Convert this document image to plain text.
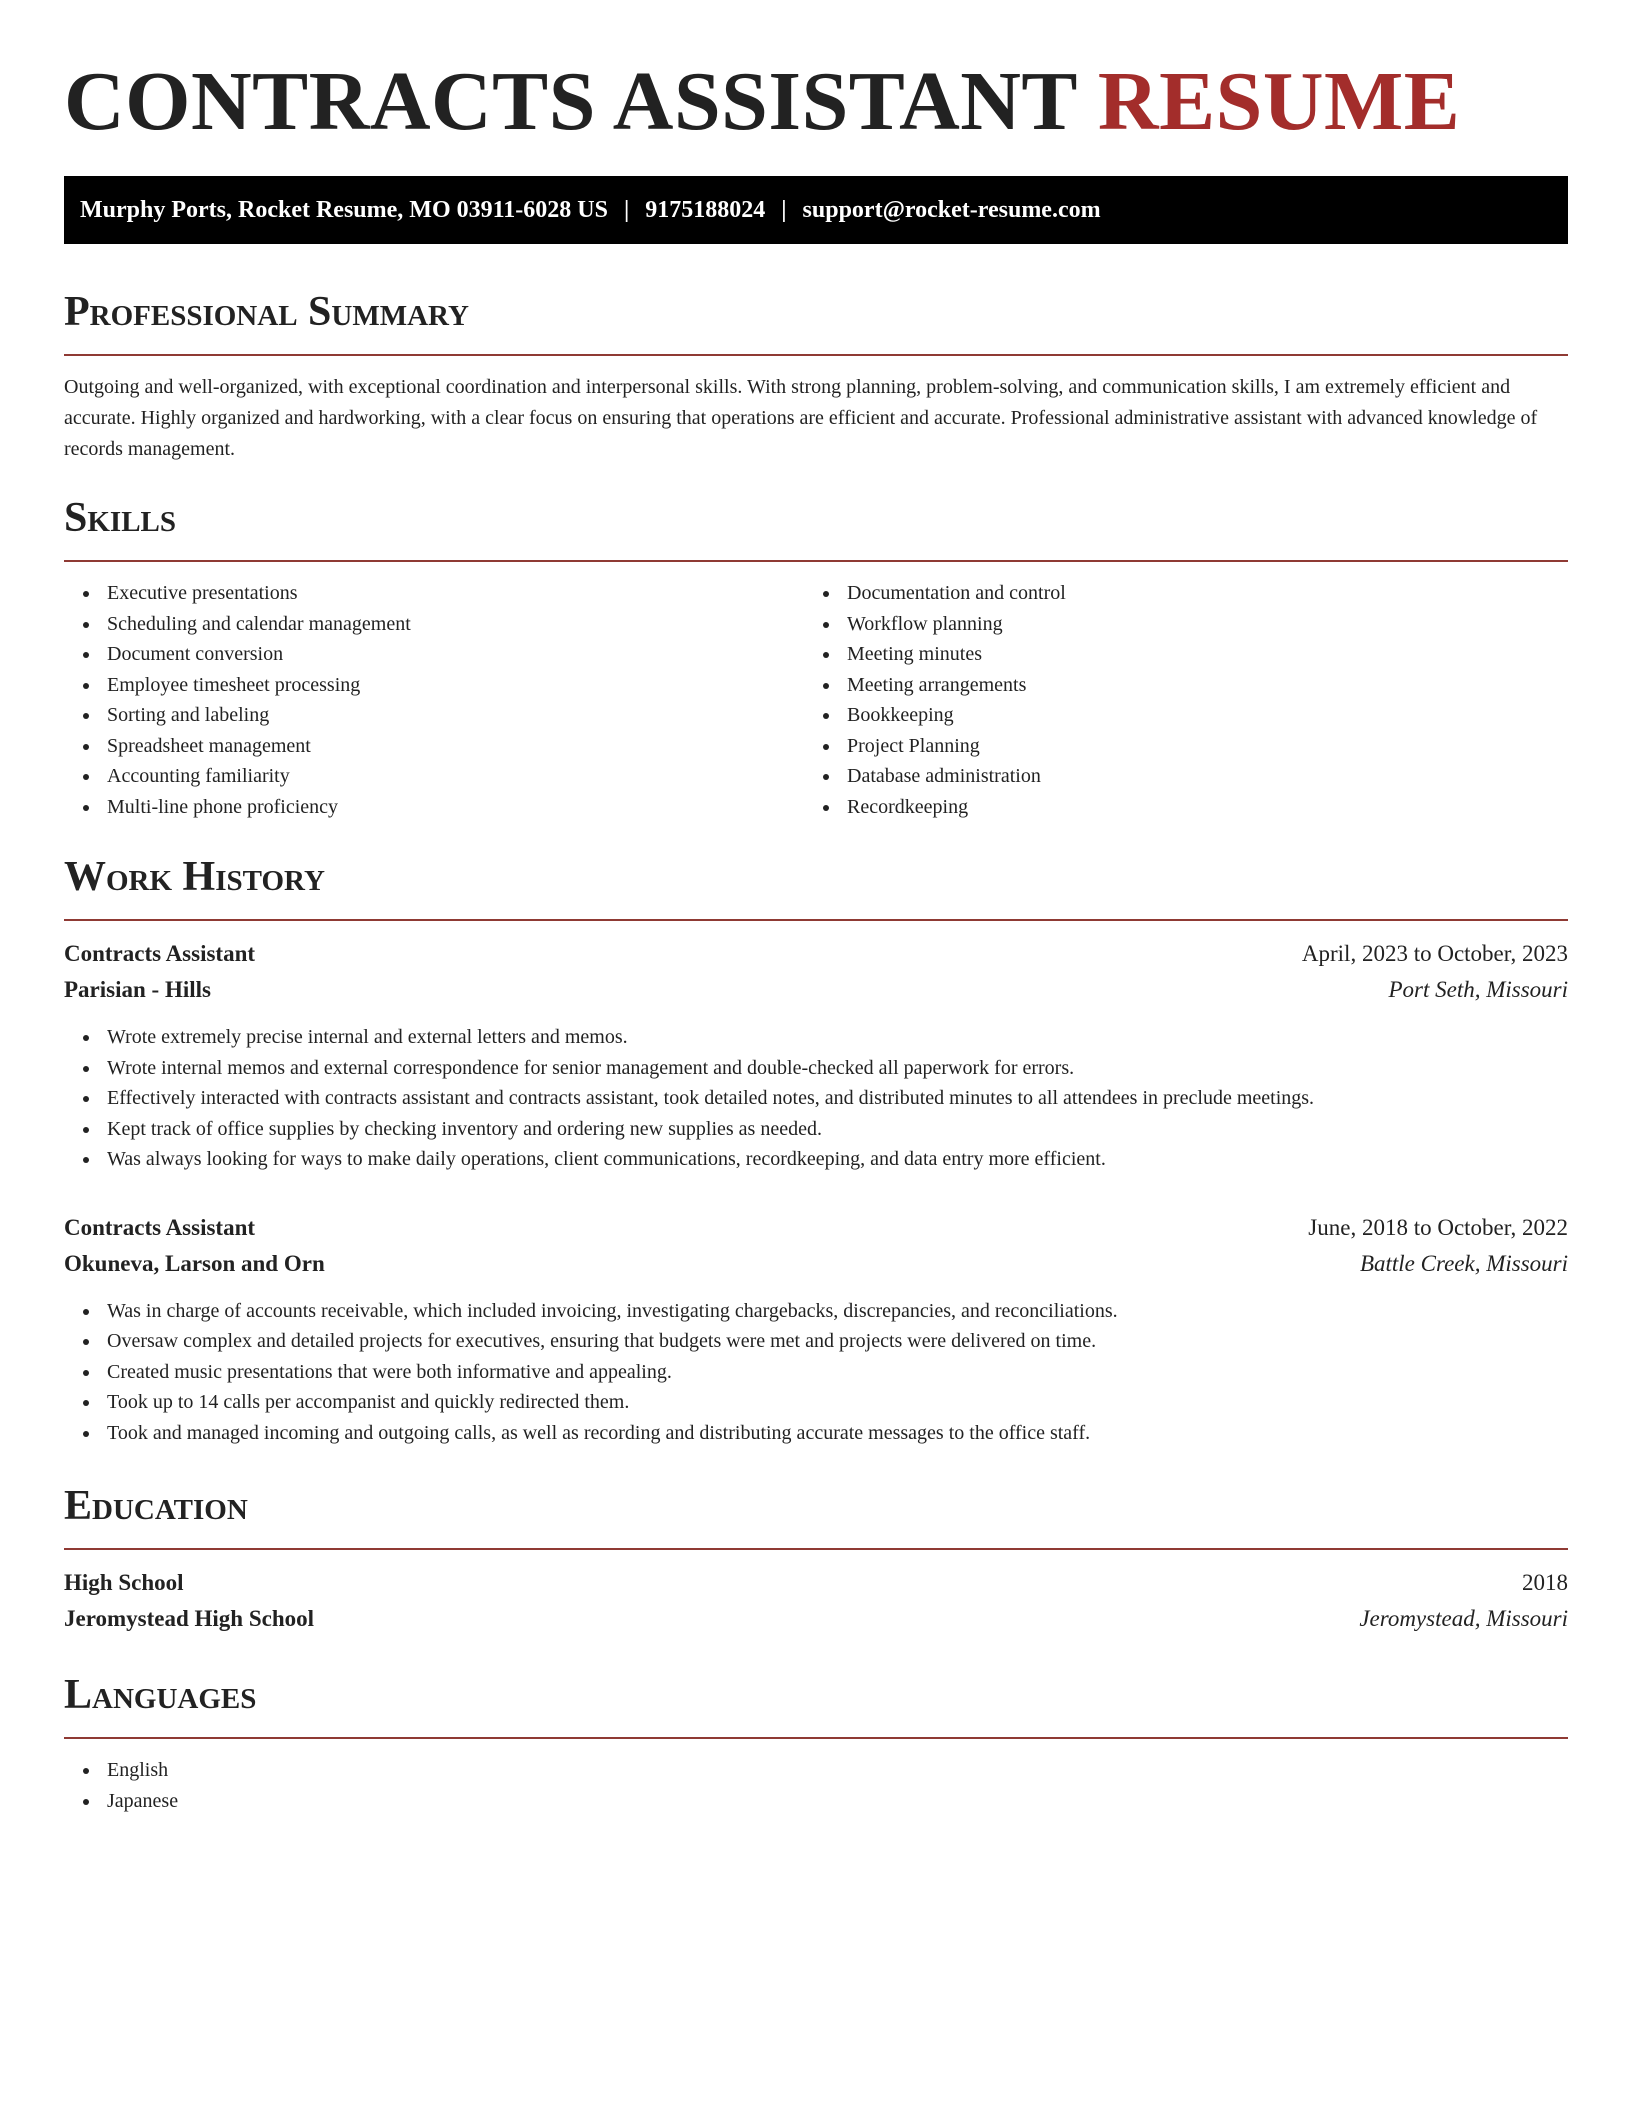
CONTRACTS ASSISTANT RESUME
Murphy Ports, Rocket Resume, MO 03911-6028 US | 9175188024 | support@rocket-resume.com
Professional Summary

Outgoing and well-organized, with exceptional coordination and interpersonal skills. With strong planning, problem-solving, and communication skills, I am extremely efficient and accurate. Highly organized and hardworking, with a clear focus on ensuring that operations are efficient and accurate. Professional administrative assistant with advanced knowledge of records management.

Skills
Executive presentations
Scheduling and calendar management
Document conversion
Employee timesheet processing
Sorting and labeling
Spreadsheet management
Accounting familiarity
Multi-line phone proficiency
Documentation and control
Workflow planning
Meeting minutes
Meeting arrangements
Bookkeeping
Project Planning
Database administration
Recordkeeping
Work History
Contracts Assistant	April, 2023 to October, 2023
Parisian - Hills	Port Seth, Missouri
Wrote extremely precise internal and external letters and memos.
Wrote internal memos and external correspondence for senior management and double-checked all paperwork for errors.
Effectively interacted with contracts assistant and contracts assistant, took detailed notes, and distributed minutes to all attendees in preclude meetings.
Kept track of office supplies by checking inventory and ordering new supplies as needed.
Was always looking for ways to make daily operations, client communications, recordkeeping, and data entry more efficient.
Contracts Assistant	June, 2018 to October, 2022
Okuneva, Larson and Orn	Battle Creek, Missouri
Was in charge of accounts receivable, which included invoicing, investigating chargebacks, discrepancies, and reconciliations.
Oversaw complex and detailed projects for executives, ensuring that budgets were met and projects were delivered on time.
Created music presentations that were both informative and appealing.
Took up to 14 calls per accompanist and quickly redirected them.
Took and managed incoming and outgoing calls, as well as recording and distributing accurate messages to the office staff.
Education
High School	2018
Jeromystead High School	Jeromystead, Missouri
Languages
English
Japanese
